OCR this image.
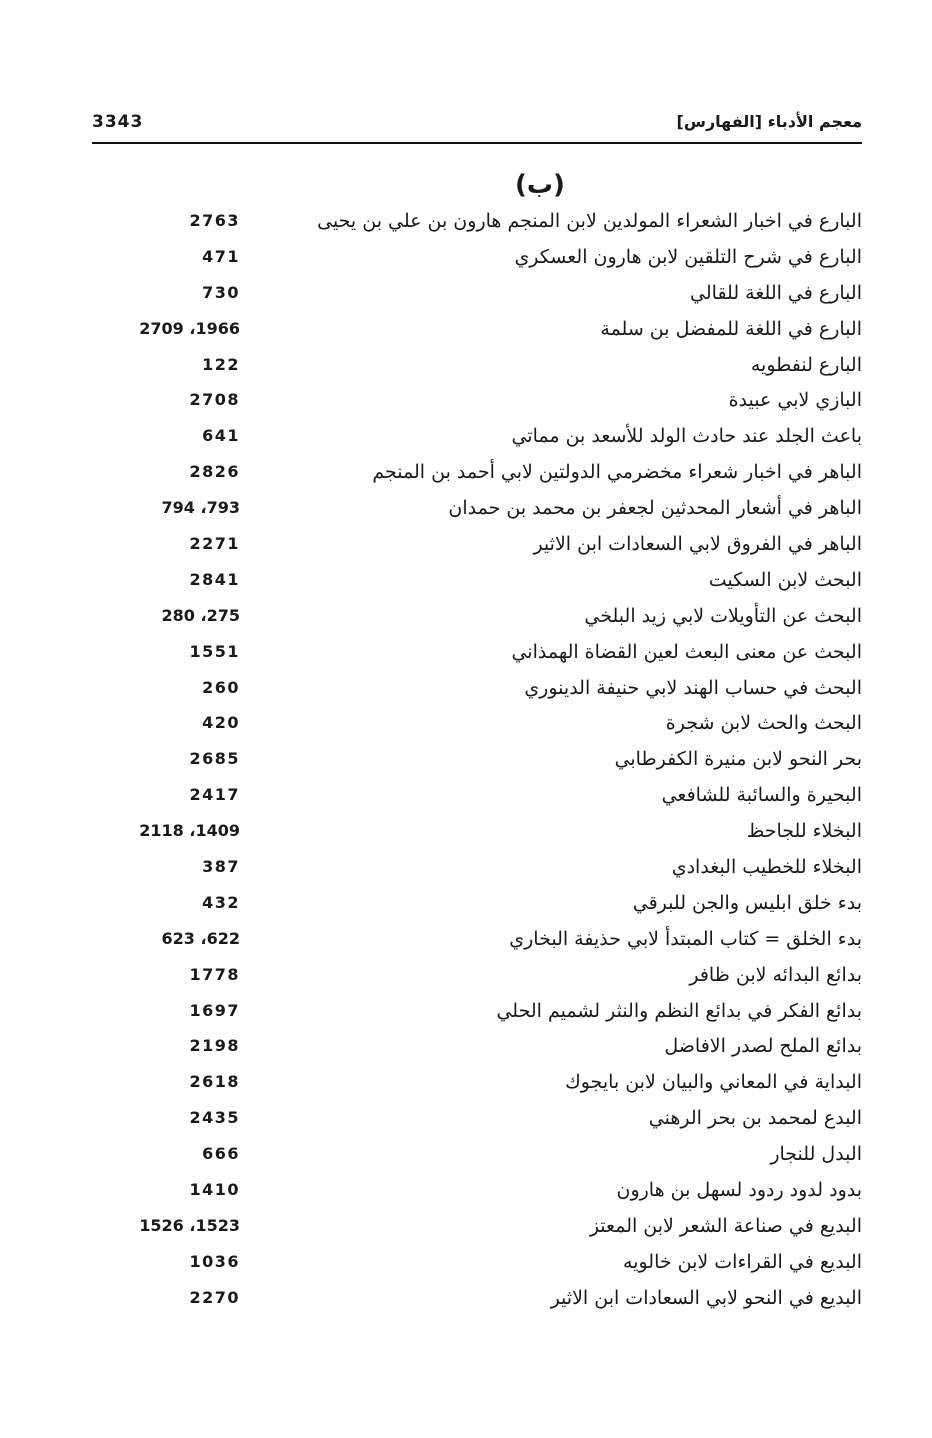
معجم الأدباء [الفهارس]
3343
(ب)
البارع في اخبار الشعراء المولدين لابن المنجم هارون بن علي بن يحيى
2763
البارع في شرح التلقين لابن هارون العسكري
471
البارع في اللغة للقالي
730
البارع في اللغة للمفضل بن سلمة
1966، 2709
البارع لنفطويه
122
البازي لابي عبيدة
2708
باعث الجلد عند حادث الولد للأسعد بن مماتي
641
الباهر في اخبار شعراء مخضرمي الدولتين لابي أحمد بن المنجم
2826
الباهر في أشعار المحدثين لجعفر بن محمد بن حمدان
793، 794
الباهر في الفروق لابي السعادات ابن الاثير
2271
البحث لابن السكيت
2841
البحث عن التأويلات لابي زيد البلخي
275، 280
البحث عن معنى البعث لعين القضاة الهمذاني
1551
البحث في حساب الهند لابي حنيفة الدينوري
260
البحث والحث لابن شجرة
420
بحر النحو لابن منيرة الكفرطابي
2685
البحيرة والسائبة للشافعي
2417
البخلاء للجاحظ
1409، 2118
البخلاء للخطيب البغدادي
387
بدء خلق ابليس والجن للبرقي
432
بدء الخلق = كتاب المبتدأ لابي حذيفة البخاري
622، 623
بدائع البدائه لابن ظافر
1778
بدائع الفكر في بدائع النظم والنثر لشميم الحلي
1697
بدائع الملح لصدر الافاضل
2198
البداية في المعاني والبيان لابن بايجوك
2618
البدع لمحمد بن بحر الرهني
2435
البدل للنجار
666
بدود لدود ردود لسهل بن هارون
1410
البديع في صناعة الشعر لابن المعتز
1523، 1526
البديع في القراءات لابن خالويه
1036
البديع في النحو لابي السعادات ابن الاثير
2270
